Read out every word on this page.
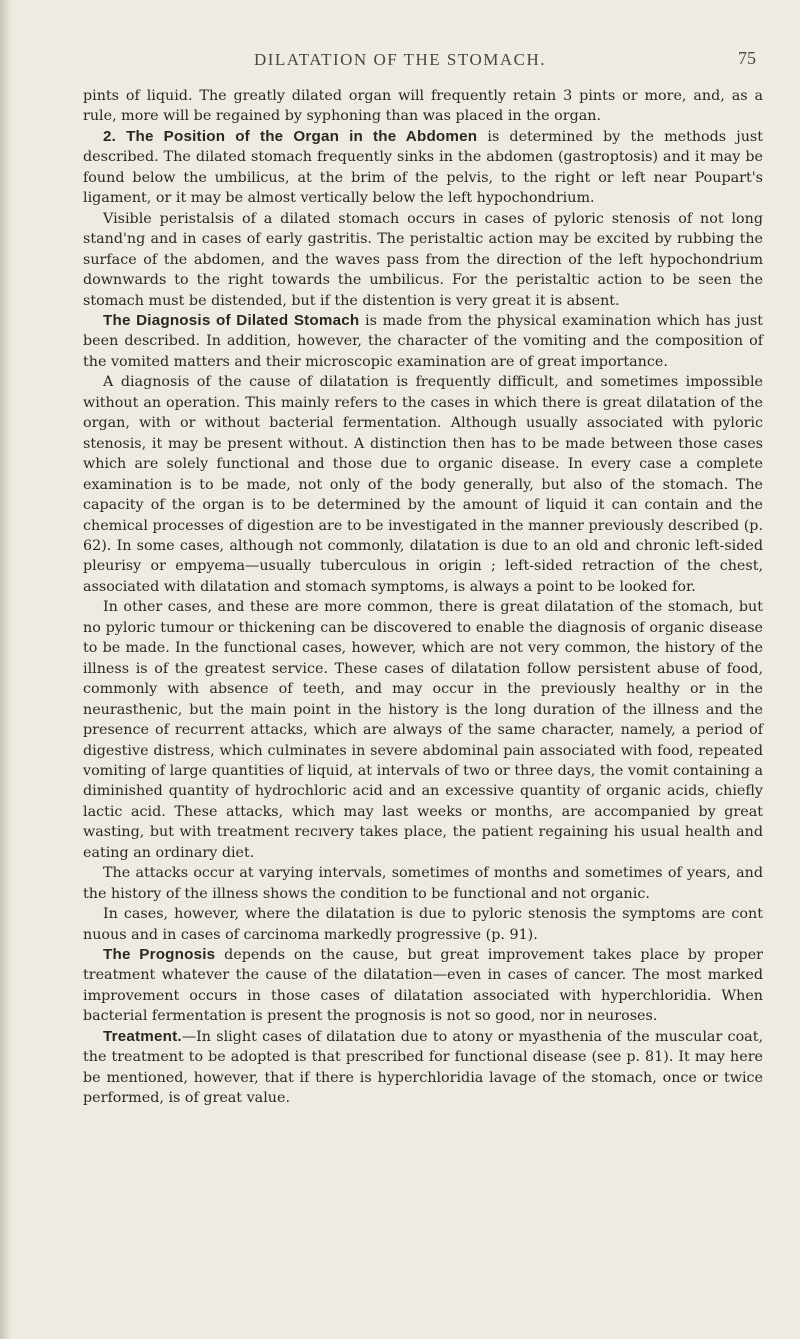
DILATATION OF THE STOMACH.	75

pints of liquid. The greatly dilated organ will frequently retain 3 pints or more, and, as a rule, more will be regained by syphoning than was placed in the organ.

2. The Position of the Organ in the Abdomen is determined by the methods just described. The dilated stomach frequently sinks in the abdomen (gastroptosis) and it may be found below the umbilicus, at the brim of the pelvis, to the right or left near Poupart's ligament, or it may be almost vertically below the left hypochondrium.

Visible peristalsis of a dilated stomach occurs in cases of pyloric stenosis of not long stand'ng and in cases of early gastritis. The peristaltic action may be excited by rubbing the surface of the abdomen, and the waves pass from the direction of the left hypochondrium downwards to the right towards the umbilicus. For the peristaltic action to be seen the stomach must be distended, but if the distention is very great it is absent.

The Diagnosis of Dilated Stomach is made from the physical examination which has just been described. In addition, however, the character of the vomiting and the composition of the vomited matters and their microscopic examination are of great importance.

A diagnosis of the cause of dilatation is frequently difficult, and sometimes impossible without an operation. This mainly refers to the cases in which there is great dilatation of the organ, with or without bacterial fermentation. Although usually associated with pyloric stenosis, it may be present without. A distinction then has to be made between those cases which are solely functional and those due to organic disease. In every case a complete examination is to be made, not only of the body generally, but also of the stomach. The capacity of the organ is to be determined by the amount of liquid it can contain and the chemical processes of digestion are to be investigated in the manner previously described (p. 62). In some cases, although not commonly, dilatation is due to an old and chronic left-sided pleurisy or empyema—usually tuberculous in origin ; left-sided retraction of the chest, associated with dilatation and stomach symptoms, is always a point to be looked for.

In other cases, and these are more common, there is great dilatation of the stomach, but no pyloric tumour or thickening can be discovered to enable the diagnosis of organic disease to be made. In the functional cases, however, which are not very common, the history of the illness is of the greatest service. These cases of dilatation follow persistent abuse of food, commonly with absence of teeth, and may occur in the previously healthy or in the neurasthenic, but the main point in the history is the long duration of the illness and the presence of recurrent attacks, which are always of the same character, namely, a period of digestive distress, which culminates in severe abdominal pain associated with food, repeated vomiting of large quantities of liquid, at intervals of two or three days, the vomit containing a diminished quantity of hydrochloric acid and an excessive quantity of organic acids, chiefly lactic acid. These attacks, which may last weeks or months, are accompanied by great wasting, but with treatment recıvery takes place, the patient regaining his usual health and eating an ordinary diet.

The attacks occur at varying intervals, sometimes of months and sometimes of years, and the history of the illness shows the condition to be functional and not organic.

In cases, however, where the dilatation is due to pyloric stenosis the symptoms are cont nuous and in cases of carcinoma markedly progressive (p. 91).

The Prognosis depends on the cause, but great improvement takes place by proper treatment whatever the cause of the dilatation—even in cases of cancer. The most marked improvement occurs in those cases of dilatation associated with hyperchloridia. When bacterial fermentation is present the prognosis is not so good, nor in neuroses.

Treatment.—In slight cases of dilatation due to atony or myasthenia of the muscular coat, the treatment to be adopted is that prescribed for functional disease (see p. 81). It may here be mentioned, however, that if there is hyperchloridia lavage of the stomach, once or twice performed, is of great value.
